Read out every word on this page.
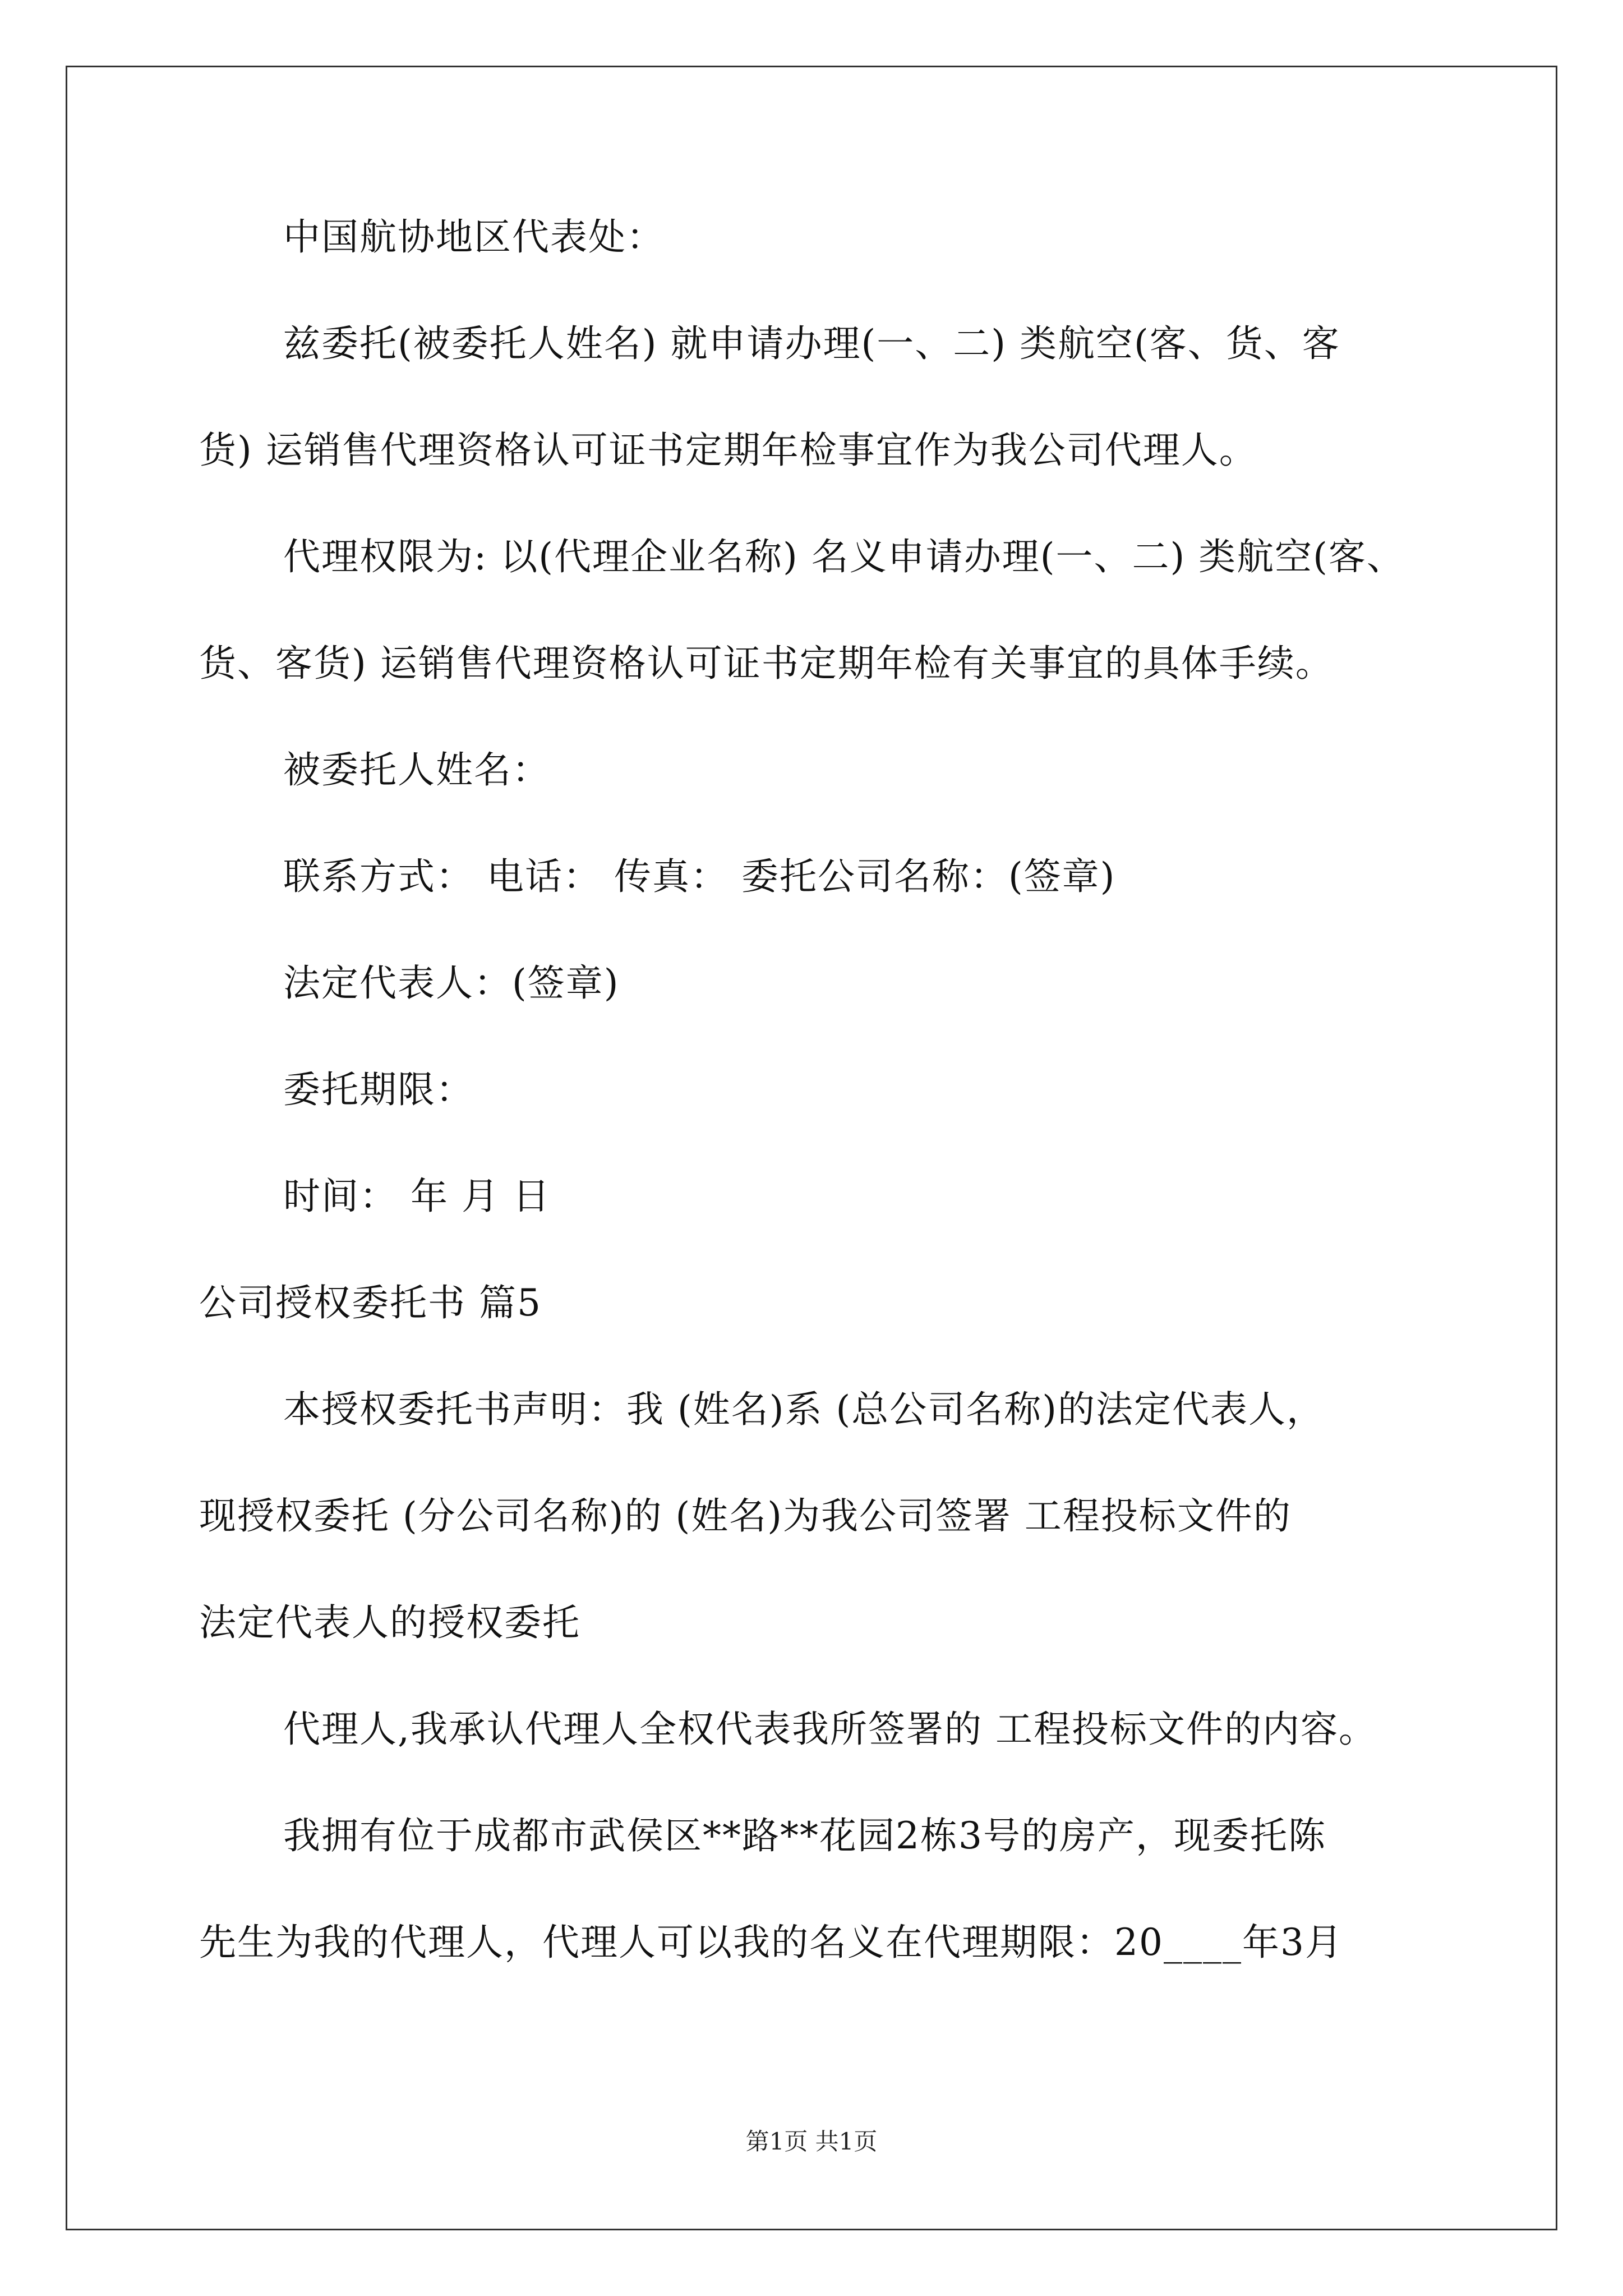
中国航协地区代表处：
兹委托(被委托人姓名) 就申请办理(一、二) 类航空(客、货、客
货) 运销售代理资格认可证书定期年检事宜作为我公司代理人。
代理权限为: 以(代理企业名称) 名义申请办理(一、二) 类航空(客、
货、客货) 运销售代理资格认可证书定期年检有关事宜的具体手续。
被委托人姓名：
联系方式： 电话： 传真： 委托公司名称：(签章)
法定代表人：(签章)
委托期限：
时间： 年 月 日
公司授权委托书 篇5
本授权委托书声明：我 (姓名)系 (总公司名称)的法定代表人，
现授权委托 (分公司名称)的 (姓名)为我公司签署 工程投标文件的
法定代表人的授权委托
代理人,我承认代理人全权代表我所签署的 工程投标文件的内容。
我拥有位于成都市武侯区**路**花园2栋3号的房产，现委托陈
先生为我的代理人，代理人可以我的名义在代理期限：20____年3月
第1页 共1页
